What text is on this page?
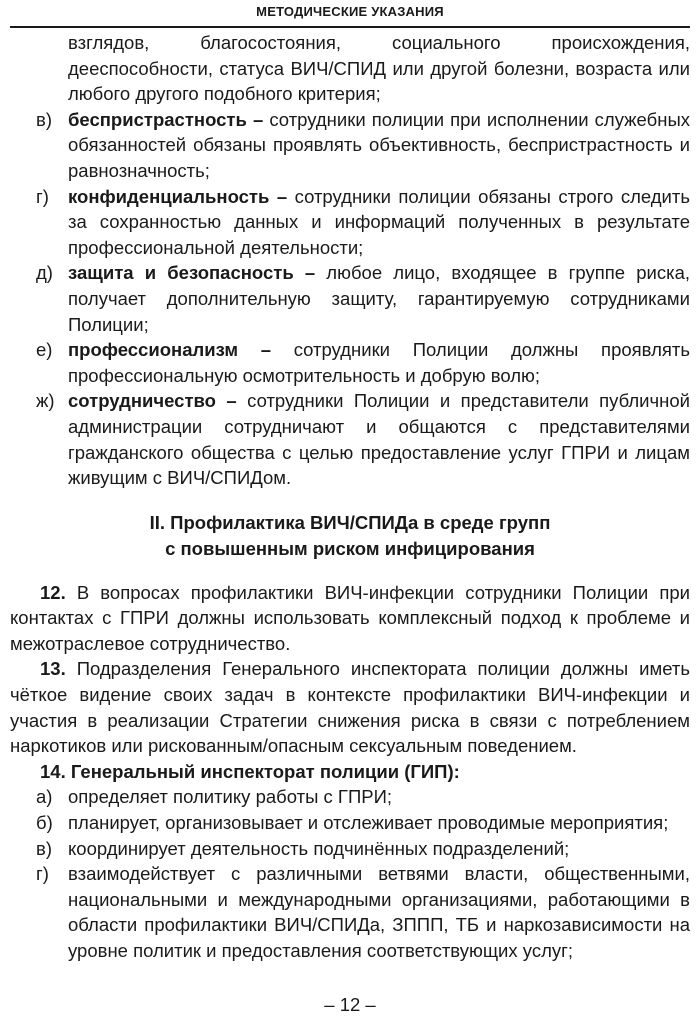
МЕТОДИЧЕСКИЕ УКАЗАНИЯ

взглядов, благосостояния, социального происхождения, дееспособности, статуса ВИЧ/СПИД или другой болезни, возраста или любого другого подобного критерия;

в) беспристрастность – сотрудники полиции при исполнении служебных обязанностей обязаны проявлять объективность, беспристрастность и равнозначность;

г) конфиденциальность – сотрудники полиции обязаны строго следить за сохранностью данных и информаций полученных в результате профессиональной деятельности;

д) защита и безопасность – любое лицо, входящее в группе риска, получает дополнительную защиту, гарантируемую сотрудниками Полиции;

е) профессионализм – сотрудники Полиции должны проявлять профессиональную осмотрительность и добрую волю;

ж) сотрудничество – сотрудники Полиции и представители публичной администрации сотрудничают и общаются с представителями гражданского общества с целью предоставление услуг ГПРИ и лицам живущим с ВИЧ/СПИДом.

II. Профилактика ВИЧ/СПИДа в среде групп
с повышенным риском инфицирования

12. В вопросах профилактики ВИЧ-инфекции сотрудники Полиции при контактах с ГПРИ должны использовать комплексный подход к проблеме и межотраслевое сотрудничество.

13. Подразделения Генерального инспектората полиции должны иметь чёткое видение своих задач в контексте профилактики ВИЧ-инфекции и участия в реализации Стратегии снижения риска в связи с потреблением наркотиков или рискованным/опасным сексуальным поведением.

14. Генеральный инспекторат полиции (ГИП):

а) определяет политику работы с ГПРИ;

б) планирует, организовывает и отслеживает проводимые мероприятия;

в) координирует деятельность подчинённых подразделений;

г) взаимодействует с различными ветвями власти, общественными, национальными и международными организациями, работающими в области профилактики ВИЧ/СПИДа, ЗППП, ТБ и наркозависимости на уровне политик и предоставления соответствующих услуг;

– 12 –
